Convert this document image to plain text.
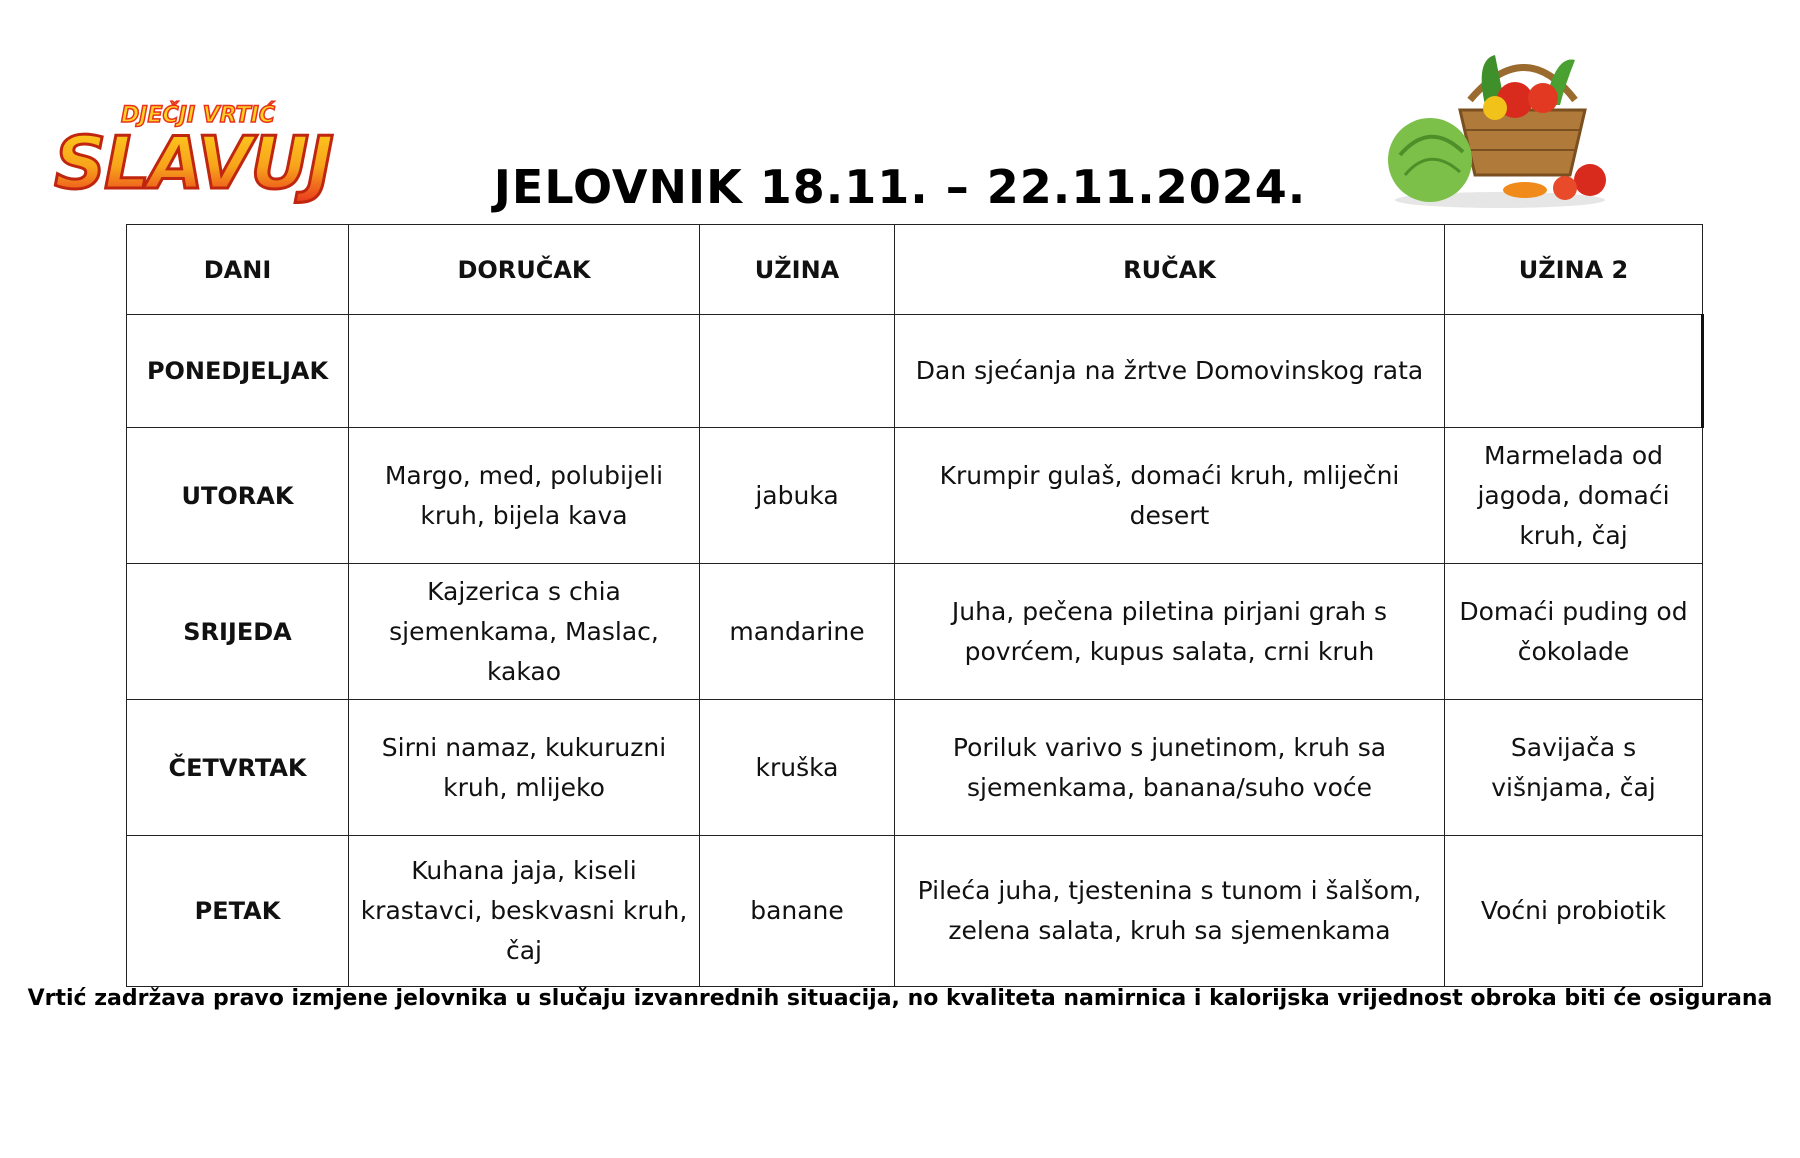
DJEČJI VRTIĆ
SLAVUJ	JELOVNIK 18.11. – 22.11.2024.
DANI	DORUČAK	UŽINA	RUČAK	UŽINA 2
PONEDJELJAK			Dan sjećanja na žrtve Domovinskog rata	
UTORAK	Margo, med, polubijeli kruh, bijela kava	jabuka	Krumpir gulaš, domaći kruh, mliječni desert	Marmelada od jagoda, domaći kruh, čaj
SRIJEDA	Kajzerica s chia sjemenkama, Maslac, kakao	mandarine	Juha, pečena piletina pirjani grah s povrćem, kupus salata, crni kruh	Domaći puding od čokolade
ČETVRTAK	Sirni namaz, kukuruzni kruh, mlijeko	kruška	Poriluk varivo s junetinom, kruh sa sjemenkama, banana/suho voće	Savijača s višnjama, čaj
PETAK	Kuhana jaja, kiseli krastavci, beskvasni kruh, čaj	banane	Pileća juha, tjestenina s tunom i šalšom, zelena salata, kruh sa sjemenkama	Voćni probiotik
Vrtić zadržava pravo izmjene jelovnika u slučaju izvanrednih situacija, no kvaliteta namirnica i kalorijska vrijednost obroka biti će osigurana
